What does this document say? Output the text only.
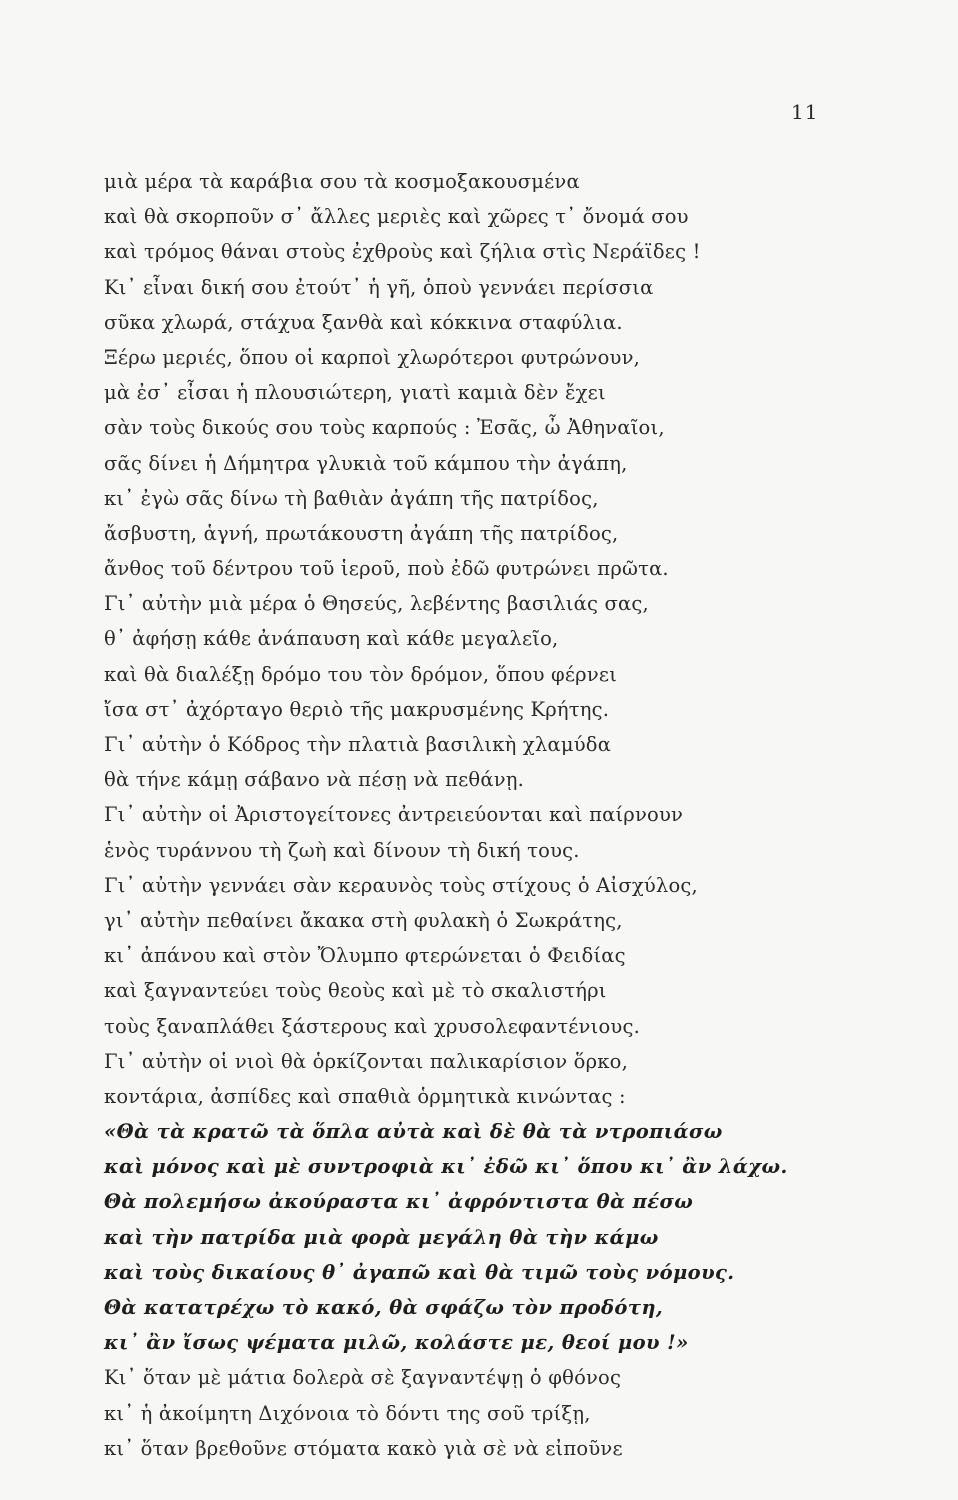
11
μιὰ μέρα τὰ καράβια σου τὰ κοσμοξακουσμένα
καὶ θὰ σκορποῦν σ᾽ ἄλλες μεριὲς καὶ χῶρες τ᾽ ὄνομά σου
καὶ τρόμος θάναι στοὺς ἐχθροὺς καὶ ζήλια στὶς Νεράϊδες !
Κι᾽ εἶναι δική σου ἐτούτ᾽ ἡ γῆ, ὁποὺ γεννάει περίσσια
σῦκα χλωρά, στάχυα ξανθὰ καὶ κόκκινα σταφύλια.
Ξέρω μεριές, ὅπου οἱ καρποὶ χλωρότεροι φυτρώνουν,
μὰ ἐσ᾽ εἶσαι ἡ πλουσιώτερη, γιατὶ καμιὰ δὲν ἔχει
σὰν τοὺς δικούς σου τοὺς καρπούς : Ἐσᾶς, ὦ Ἀθηναῖοι,
σᾶς δίνει ἡ Δήμητρα γλυκιὰ τοῦ κάμπου τὴν ἀγάπη,
κι᾽ ἐγὼ σᾶς δίνω τὴ βαθιὰν ἀγάπη τῆς πατρίδος,
ἄσβυστη, ἁγνή, πρωτάκουστη ἀγάπη τῆς πατρίδος,
ἄνθος τοῦ δέντρου τοῦ ἱεροῦ, ποὺ ἐδῶ φυτρώνει πρῶτα.
Γι᾽ αὐτὴν μιὰ μέρα ὁ Θησεύς, λεβέντης βασιλιάς σας,
θ᾽ ἀφήσῃ κάθε ἀνάπαυση καὶ κάθε μεγαλεῖο,
καὶ θὰ διαλέξῃ δρόμο του τὸν δρόμον, ὅπου φέρνει
ἴσα στ᾽ ἀχόρταγο θεριὸ τῆς μακρυσμένης Κρήτης.
Γι᾽ αὐτὴν ὁ Κόδρος τὴν πλατιὰ βασιλικὴ χλαμύδα
θὰ τήνε κάμῃ σάβανο νὰ πέσῃ νὰ πεθάνῃ.
Γι᾽ αὐτὴν οἱ Ἀριστογείτονες ἀντρειεύονται καὶ παίρνουν
ἑνὸς τυράννου τὴ ζωὴ καὶ δίνουν τὴ δική τους.
Γι᾽ αὐτὴν γεννάει σὰν κεραυνὸς τοὺς στίχους ὁ Αἰσχύλος,
γι᾽ αὐτὴν πεθαίνει ἄκακα στὴ φυλακὴ ὁ Σωκράτης,
κι᾽ ἀπάνου καὶ στὸν Ὄλυμπο φτερώνεται ὁ Φειδίας
καὶ ξαγναντεύει τοὺς θεοὺς καὶ μὲ τὸ σκαλιστήρι
τοὺς ξαναπλάθει ξάστερους καὶ χρυσολεφαντένιους.
Γι᾽ αὐτὴν οἱ νιοὶ θὰ ὁρκίζονται παλικαρίσιον ὅρκο,
κοντάρια, ἀσπίδες καὶ σπαθιὰ ὁρμητικὰ κινώντας :
«Θὰ τὰ κρατῶ τὰ ὅπλα αὐτὰ καὶ δὲ θὰ τὰ ντροπιάσω
καὶ μόνος καὶ μὲ συντροφιὰ κι᾽ ἐδῶ κι᾽ ὅπου κι᾽ ἂν λάχω.
Θὰ πολεμήσω ἀκούραστα κι᾽ ἀφρόντιστα θὰ πέσω
καὶ τὴν πατρίδα μιὰ φορὰ μεγάλη θὰ τὴν κάμω
καὶ τοὺς δικαίους θ᾽ ἀγαπῶ καὶ θὰ τιμῶ τοὺς νόμους.
Θὰ κατατρέχω τὸ κακό, θὰ σφάζω τὸν προδότη,
κι᾽ ἂν ἴσως ψέματα μιλῶ, κολάστε με, θεοί μου !»
Κι᾽ ὅταν μὲ μάτια δολερὰ σὲ ξαγναντέψῃ ὁ φθόνος
κι᾽ ἡ ἀκοίμητη Διχόνοια τὸ δόντι της σοῦ τρίξῃ,
κι᾽ ὅταν βρεθοῦνε στόματα κακὸ γιὰ σὲ νὰ εἰποῦνε
